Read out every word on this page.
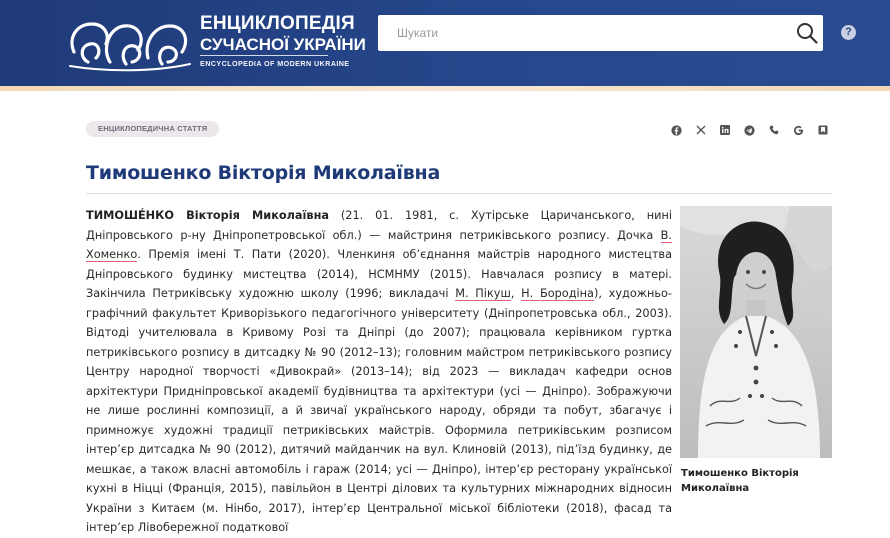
ЕНЦИКЛОПЕДІЯ
СУЧАСНОЇ УКРАЇНИ
ENCYCLOPEDIA OF MODERN UKRAINE
Шукати
?
ЕНЦИКЛОПЕДИЧНА СТАТТЯ
Тимошенко Вікторія Миколаївна
ТИМОШÉНКО Вікторія Миколаївна (21. 01. 1981, с. Хутірське Царичанського, нині Дніпровського р-ну Дніпропетровської обл.) — майстриня петриківського розпису. Дочка В. Хоменко. Премія імені Т. Пати (2020). Членкиня об’єднання майстрів народного мистецтва Дніпровського будинку мистецтва (2014), НСМНМУ (2015). Навчалася розпису в матері. Закінчила Петриківську художню школу (1996; викладачі М. Пікуш, Н. Бородіна), художньо-графічний факультет Криворізького педагогічного університету (Дніпропетровська обл., 2003). Відтоді учителювала в Кривому Розі та Дніпрі (до 2007); працювала керівником гуртка петриківського розпису в дитсадку № 90 (2012–13); головним майстром петриківського розпису Центру народної творчості «Дивокрай» (2013–14); від 2023 — викладач кафедри основ архітектури Придніпровської академії будівництва та архітектури (усі — Дніпро). Зображуючи не лише рослинні композиції, а й звичаї українського народу, обряди та побут, збагачує і примножує художні традиції петриківських майстрів. Оформила петриківським розписом інтер’єр дитсадка № 90 (2012), дитячий майданчик на вул. Клиновій (2013), під’їзд будинку, де мешкає, а також власні автомобіль і гараж (2014; усі — Дніпро), інтер’єр ресторану української кухні в Ніцці (Франція, 2015), павільйон в Центрі ділових та культурних міжнародних відносин України з Китаєм (м. Нінбо, 2017), інтер’єр Центральної міської бібліотеки (2018), фасад та інтер’єр Лівобережної податкової
Тимошенко Вікторія Миколаївна
